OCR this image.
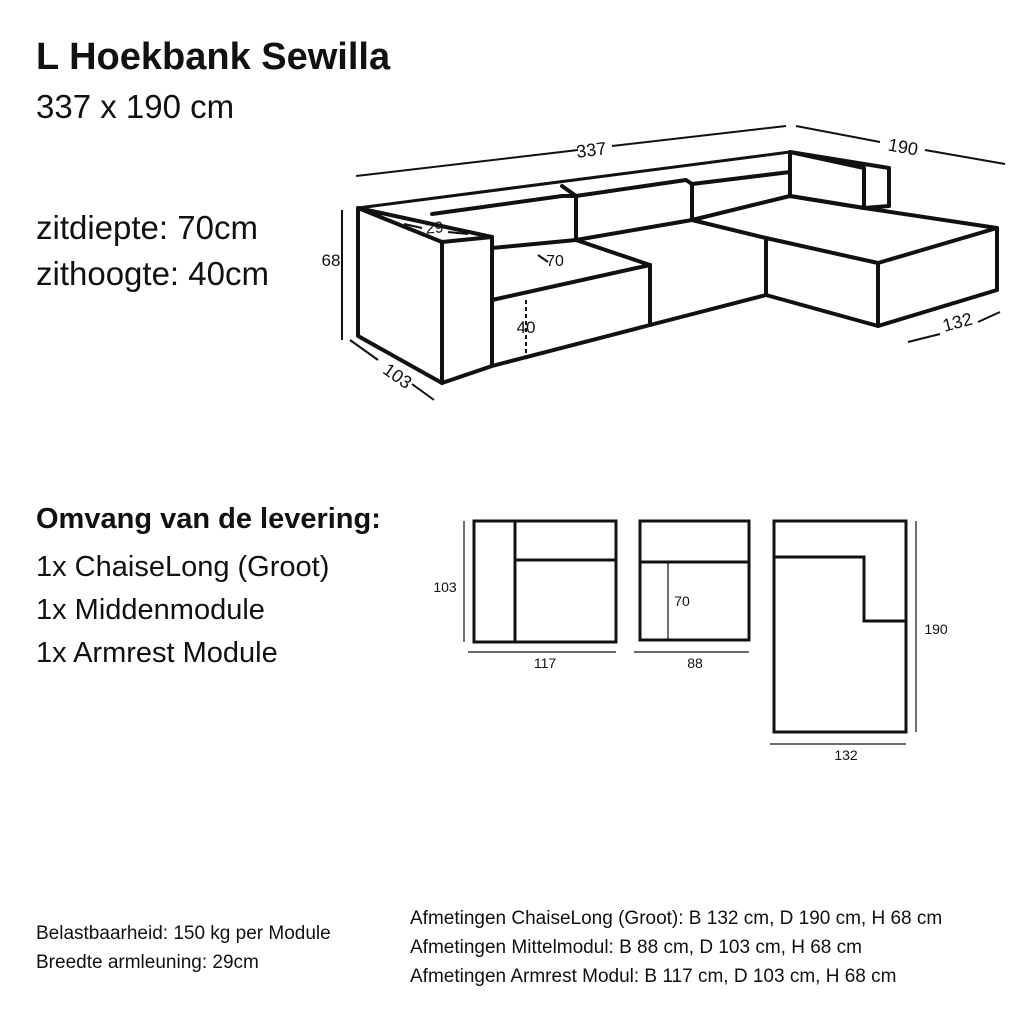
L Hoekbank Sewilla
337 x 190 cm
zitdiepte: 70cm
zithoogte: 40cm
Omvang van de levering:
1x ChaiseLong (Groot)
1x Middenmodule
1x Armrest Module
337	190
68
103
29
70
40	132
103
117
70
88
190
132
Belastbaarheid: 150 kg per Module
Breedte armleuning: 29cm
Afmetingen ChaiseLong (Groot): B 132 cm, D 190 cm, H 68 cm
Afmetingen Mittelmodul: B 88 cm, D 103 cm, H 68 cm
Afmetingen Armrest Modul: B 117 cm, D 103 cm, H 68 cm
